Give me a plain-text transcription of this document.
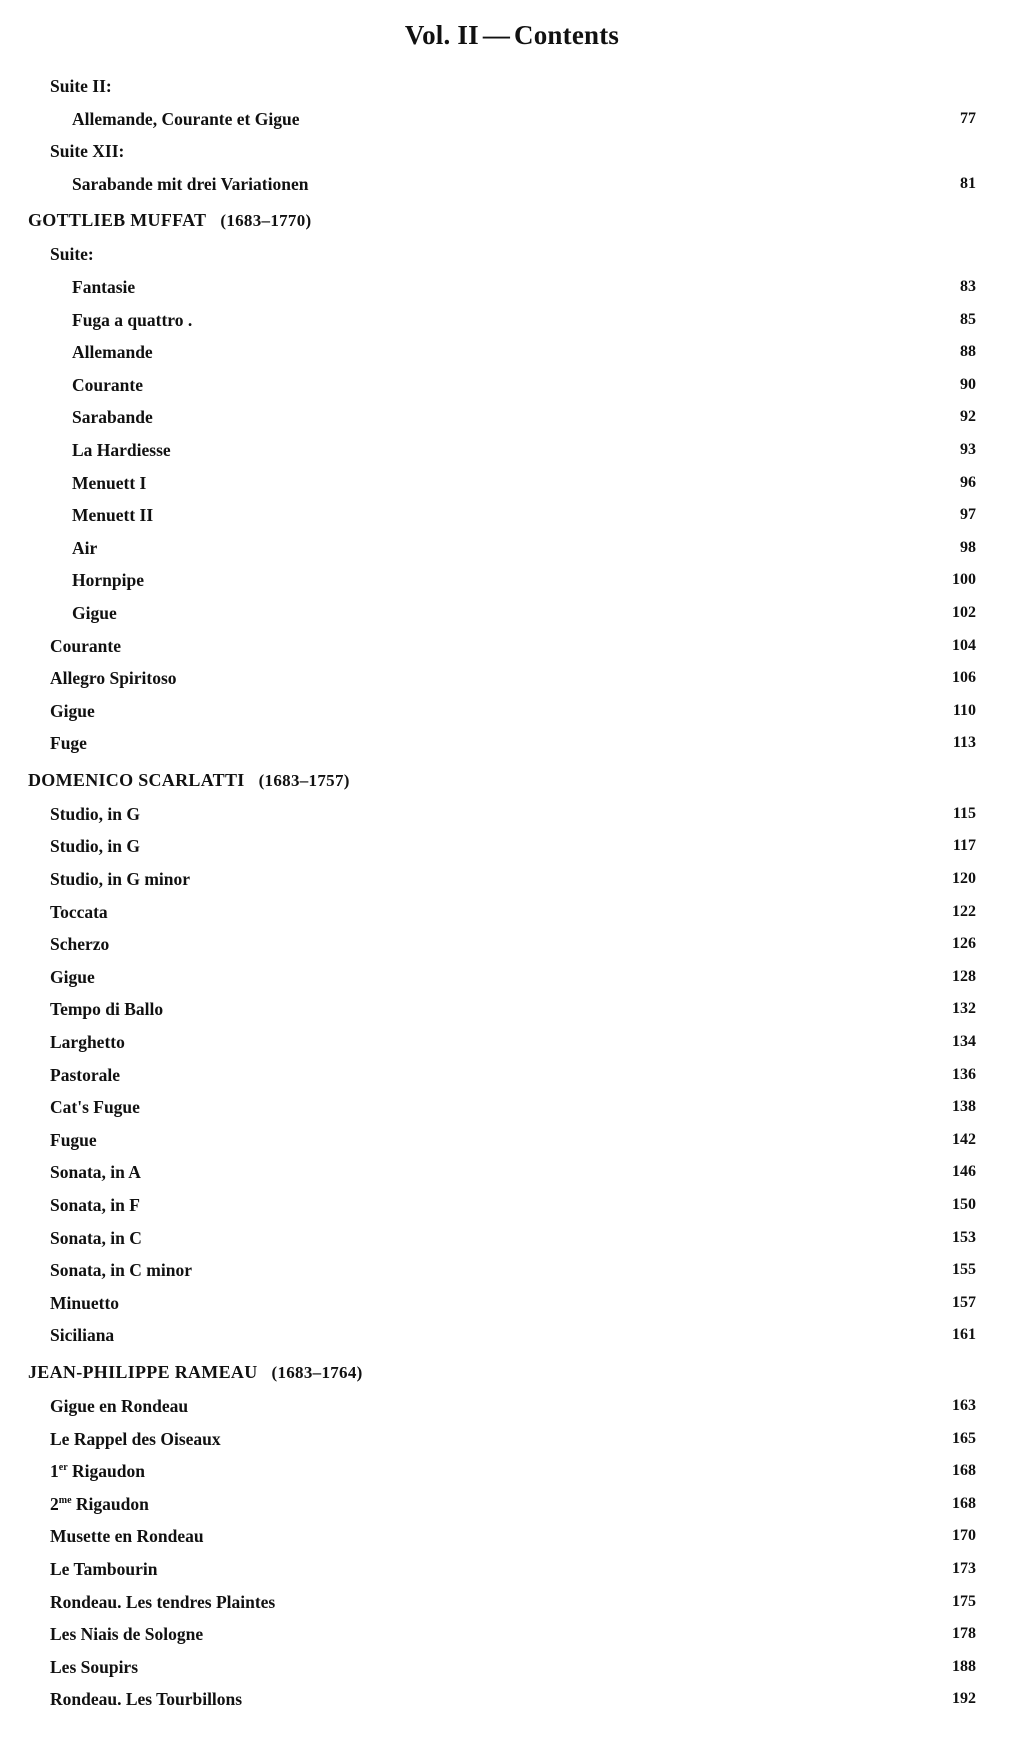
Vol. II — Contents
Suite II:
Allemande, Courante et Gigue	77
Suite XII:
Sarabande mit drei Variationen	81
GOTTLIEB MUFFAT (1683–1770)
Suite:
Fantasie	83
Fuga a quattro .	85
Allemande	88
Courante	90
Sarabande	92
La Hardiesse	93
Menuett I	96
Menuett II	97
Air	98
Hornpipe	100
Gigue	102
Courante	104
Allegro Spiritoso	106
Gigue	110
Fuge	113
DOMENICO SCARLATTI (1683–1757)
Studio, in G	115
Studio, in G	117
Studio, in G minor	120
Toccata	122
Scherzo	126
Gigue	128
Tempo di Ballo	132
Larghetto	134
Pastorale	136
Cat's Fugue	138
Fugue	142
Sonata, in A	146
Sonata, in F	150
Sonata, in C	153
Sonata, in C minor	155
Minuetto	157
Siciliana	161
JEAN-PHILIPPE RAMEAU (1683–1764)
Gigue en Rondeau	163
Le Rappel des Oiseaux	165
1er Rigaudon	168
$2^{me}$ Rigaudon	168
Musette en Rondeau	170
Le Tambourin	173
Rondeau. Les tendres Plaintes	175
Les Niais de Sologne	178
Les Soupirs	188
Rondeau. Les Tourbillons	192
